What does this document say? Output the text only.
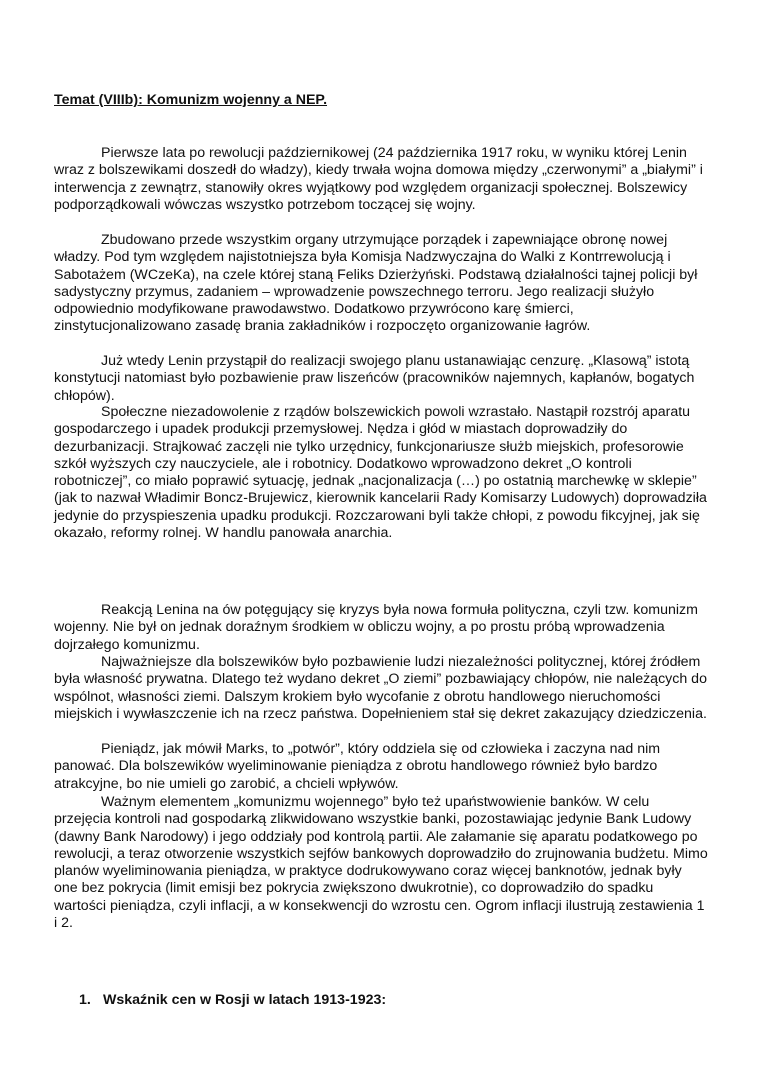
Temat (VIIIb): Komunizm wojenny a NEP.

Pierwsze lata po rewolucji październikowej (24 października 1917 roku, w wyniku której Lenin wraz z bolszewikami doszedł do władzy), kiedy trwała wojna domowa między „czerwonymi” a „białymi” i interwencja z zewnątrz, stanowiły okres wyjątkowy pod względem organizacji społecznej. Bolszewicy podporządkowali wówczas wszystko potrzebom toczącej się wojny.

Zbudowano przede wszystkim organy utrzymujące porządek i zapewniające obronę nowej władzy. Pod tym względem najistotniejsza była Komisja Nadzwyczajna do Walki z Kontrrewolucją i Sabotażem (WCzeKa), na czele której staną Feliks Dzierżyński. Podstawą działalności tajnej policji był sadystyczny przymus, zadaniem – wprowadzenie powszechnego terroru. Jego realizacji służyło odpowiednio modyfikowane prawodawstwo. Dodatkowo przywrócono karę śmierci, zinstytucjonalizowano zasadę brania zakładników i rozpoczęto organizowanie łagrów.

Już wtedy Lenin przystąpił do realizacji swojego planu ustanawiając cenzurę. „Klasową” istotą konstytucji natomiast było pozbawienie praw liszeńców (pracowników najemnych, kapłanów, bogatych chłopów).

Społeczne niezadowolenie z rządów bolszewickich powoli wzrastało. Nastąpił rozstrój aparatu gospodarczego i upadek produkcji przemysłowej. Nędza i głód w miastach doprowadziły do dezurbanizacji. Strajkować zaczęli nie tylko urzędnicy, funkcjonariusze służb miejskich, profesorowie szkół wyższych czy nauczyciele, ale i robotnicy. Dodatkowo wprowadzono dekret „O kontroli robotniczej”, co miało poprawić sytuację, jednak „nacjonalizacja (…) po ostatnią marchewkę w sklepie” (jak to nazwał Władimir Boncz-Brujewicz, kierownik kancelarii Rady Komisarzy Ludowych) doprowadziła jedynie do przyspieszenia upadku produkcji. Rozczarowani byli także chłopi, z powodu fikcyjnej, jak się okazało, reformy rolnej. W handlu panowała anarchia.

Reakcją Lenina na ów potęgujący się kryzys była nowa formuła polityczna, czyli tzw. komunizm wojenny. Nie był on jednak doraźnym środkiem w obliczu wojny, a po prostu próbą wprowadzenia dojrzałego komunizmu.

Najważniejsze dla bolszewików było pozbawienie ludzi niezależności politycznej, której źródłem była własność prywatna. Dlatego też wydano dekret „O ziemi” pozbawiający chłopów, nie należących do wspólnot, własności ziemi. Dalszym krokiem było wycofanie z obrotu handlowego nieruchomości miejskich i wywłaszczenie ich na rzecz państwa. Dopełnieniem stał się dekret zakazujący dziedziczenia.

Pieniądz, jak mówił Marks, to „potwór”, który oddziela się od człowieka i zaczyna nad nim panować. Dla bolszewików wyeliminowanie pieniądza z obrotu handlowego również było bardzo atrakcyjne, bo nie umieli go zarobić, a chcieli wpływów.

Ważnym elementem „komunizmu wojennego” było też upaństwowienie banków. W celu przejęcia kontroli nad gospodarką zlikwidowano wszystkie banki, pozostawiając jedynie Bank Ludowy (dawny Bank Narodowy) i jego oddziały pod kontrolą partii. Ale załamanie się aparatu podatkowego po rewolucji, a teraz otworzenie wszystkich sejfów bankowych doprowadziło do zrujnowania budżetu. Mimo planów wyeliminowania pieniądza, w praktyce dodrukowywano coraz więcej banknotów, jednak były one bez pokrycia (limit emisji bez pokrycia zwiększono dwukrotnie), co doprowadziło do spadku wartości pieniądza, czyli inflacji, a w konsekwencji do wzrostu cen. Ogrom inflacji ilustrują zestawienia 1 i 2.

1. Wskaźnik cen w Rosji w latach 1913-1923:
